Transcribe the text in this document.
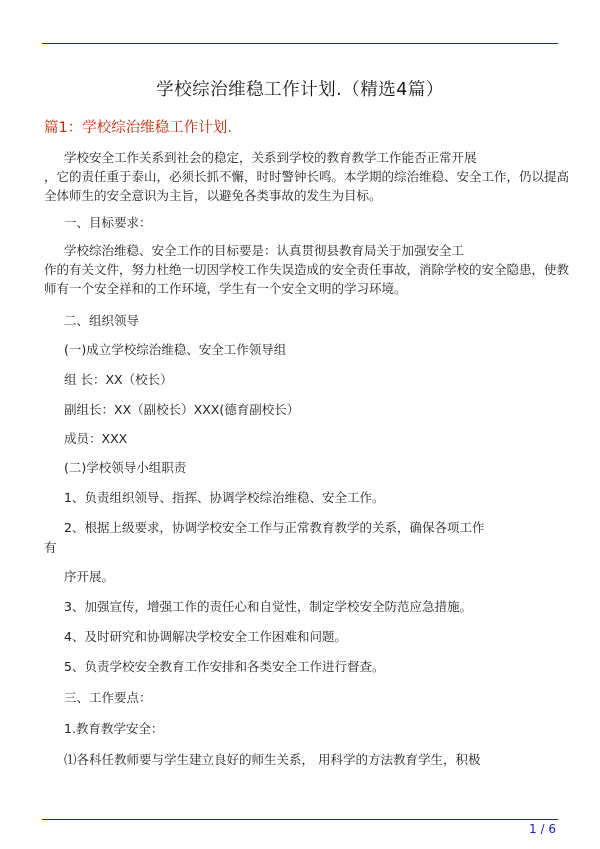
学校综治维稳工作计划.（精选4篇）
篇1：学校综治维稳工作计划.
学校安全工作关系到社会的稳定，关系到学校的教育教学工作能否正常开展
，它的责任重于泰山，必须长抓不懈，时时警钟长鸣。本学期的综治维稳、安全工作，仍以提高
全体师生的安全意识为主旨，以避免各类事故的发生为目标。
一、目标要求：
学校综治维稳、安全工作的目标要是：认真贯彻县教育局关于加强安全工
作的有关文件，努力杜绝一切因学校工作失误造成的安全责任事故，消除学校的安全隐患，使教
师有一个安全祥和的工作环境，学生有一个安全文明的学习环境。
二、组织领导
(一)成立学校综治维稳、安全工作领导组
组 长：XX（校长）
副组长：XX（副校长）XXX(德育副校长）
成员：XXX
(二)学校领导小组职责
1、负责组织领导、指挥、协调学校综治维稳、安全工作。
2、根据上级要求，协调学校安全工作与正常教育教学的关系，确保各项工作
有
序开展。
3、加强宣传，增强工作的责任心和自觉性，制定学校安全防范应急措施。
4、及时研究和协调解决学校安全工作困难和问题。
5、负责学校安全教育工作安排和各类安全工作进行督查。
三、工作要点：
1.教育教学安全：
⑴各科任教师要与学生建立良好的师生关系， 用科学的方法教育学生，积极
1 / 6
